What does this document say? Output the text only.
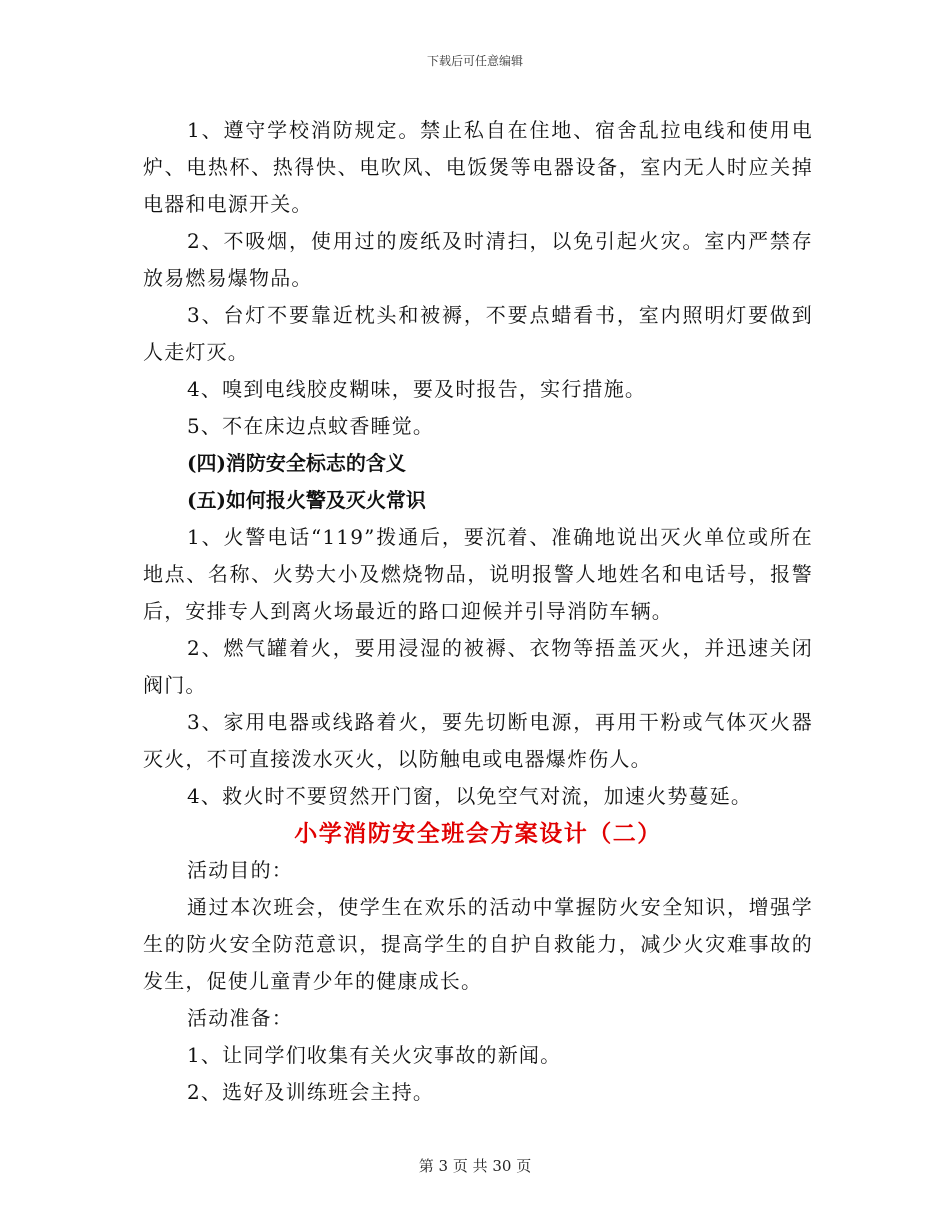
下载后可任意编辑

1、遵守学校消防规定。禁止私自在住地、宿舍乱拉电线和使用电炉、电热杯、热得快、电吹风、电饭煲等电器设备，室内无人时应关掉电器和电源开关。

2、不吸烟，使用过的废纸及时清扫，以免引起火灾。室内严禁存放易燃易爆物品。

3、台灯不要靠近枕头和被褥，不要点蜡看书，室内照明灯要做到人走灯灭。

4、嗅到电线胶皮糊味，要及时报告，实行措施。

5、不在床边点蚊香睡觉。

(四)消防安全标志的含义

(五)如何报火警及灭火常识

1、火警电话“119”拨通后，要沉着、准确地说出灭火单位或所在地点、名称、火势大小及燃烧物品，说明报警人地姓名和电话号，报警后，安排专人到离火场最近的路口迎候并引导消防车辆。

2、燃气罐着火，要用浸湿的被褥、衣物等捂盖灭火，并迅速关闭阀门。

3、家用电器或线路着火，要先切断电源，再用干粉或气体灭火器灭火，不可直接泼水灭火，以防触电或电器爆炸伤人。

4、救火时不要贸然开门窗，以免空气对流，加速火势蔓延。

小学消防安全班会方案设计（二）

活动目的：

通过本次班会，使学生在欢乐的活动中掌握防火安全知识，增强学生的防火安全防范意识，提高学生的自护自救能力，减少火灾难事故的发生，促使儿童青少年的健康成长。

活动准备：

1、让同学们收集有关火灾事故的新闻。

2、选好及训练班会主持。

第 3 页 共 30 页
